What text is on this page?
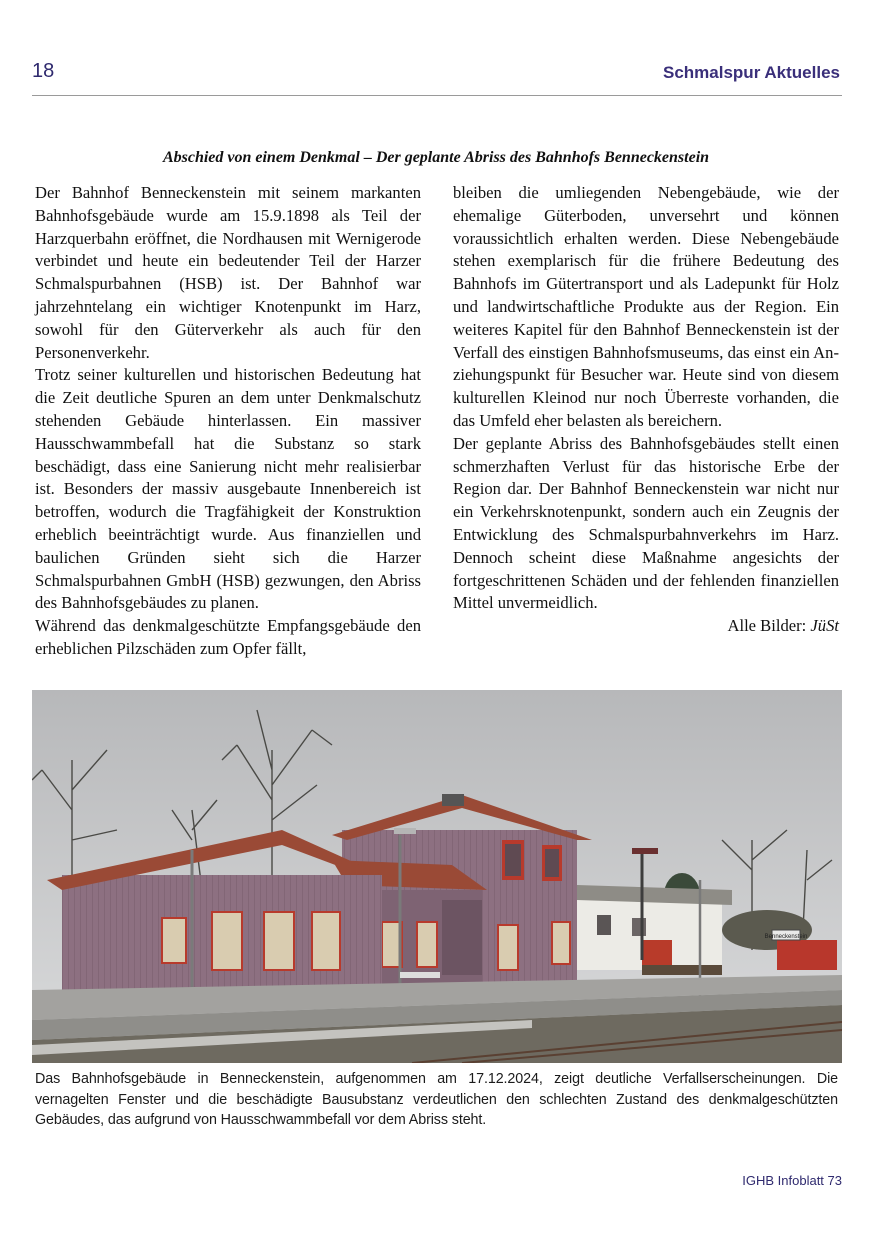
18	Schmalspur Aktuelles
Abschied von einem Denkmal – Der geplante Abriss des Bahnhofs Benneckenstein

Der Bahnhof Benneckenstein mit seinem markanten Bahnhofsgebäude wurde am 15.9.1898 als Teil der Harzquerbahn eröffnet, die Nordhausen mit Wernigerode verbindet und heute ein bedeutender Teil der Harzer Schmalspurbahnen (HSB) ist. Der Bahnhof war jahrzehntelang ein wichtiger Knotenpunkt im Harz, sowohl für den Güterverkehr als auch für den Personenverkehr.

Trotz seiner kulturellen und historischen Bedeutung hat die Zeit deutliche Spuren an dem unter Denkmalschutz stehenden Gebäude hinterlassen. Ein massiver Hausschwammbefall hat die Substanz so stark beschädigt, dass eine Sanierung nicht mehr realisierbar ist. Besonders der massiv ausgebaute Innenbereich ist betroffen, wodurch die Tragfähigkeit der Konstruktion erheblich beeinträchtigt wurde. Aus finanziellen und baulichen Gründen sieht sich die Harzer Schmalspurbahnen GmbH (HSB) gezwungen, den Abriss des Bahnhofsgebäudes zu planen.

Während das denkmalgeschützte Empfangsgebäude den erheblichen Pilzschäden zum Opfer fällt,

bleiben die umliegenden Nebengebäude, wie der ehemalige Güterboden, unversehrt und können voraussichtlich erhalten werden. Diese Nebengebäude stehen exemplarisch für die frühere Bedeutung des Bahnhofs im Gütertransport und als Ladepunkt für Holz und landwirtschaftliche Produkte aus der Region. Ein weiteres Kapitel für den Bahnhof Benneckenstein ist der Verfall des einstigen Bahnhofsmuseums, das einst ein Anziehungspunkt für Besucher war. Heute sind von diesem kulturellen Kleinod nur noch Überreste vorhanden, die das Umfeld eher belasten als bereichern.

Der geplante Abriss des Bahnhofsgebäudes stellt einen schmerzhaften Verlust für das historische Erbe der Region dar. Der Bahnhof Benneckenstein war nicht nur ein Verkehrsknotenpunkt, sondern auch ein Zeugnis der Entwicklung des Schmalspurbahnverkehrs im Harz. Dennoch scheint diese Maßnahme angesichts der fortgeschrittenen Schäden und der fehlenden finanziellen Mittel unvermeidlich.

Alle Bilder: JüSt

Benneckenstein
Das Bahnhofsgebäude in Benneckenstein, aufgenommen am 17.12.2024, zeigt deutliche Verfallserscheinungen. Die vernagelten Fenster und die beschädigte Bausubstanz verdeutlichen den schlechten Zustand des denkmalgeschützten Gebäudes, das aufgrund von Hausschwammbefall vor dem Abriss steht.
IGHB Infoblatt 73
